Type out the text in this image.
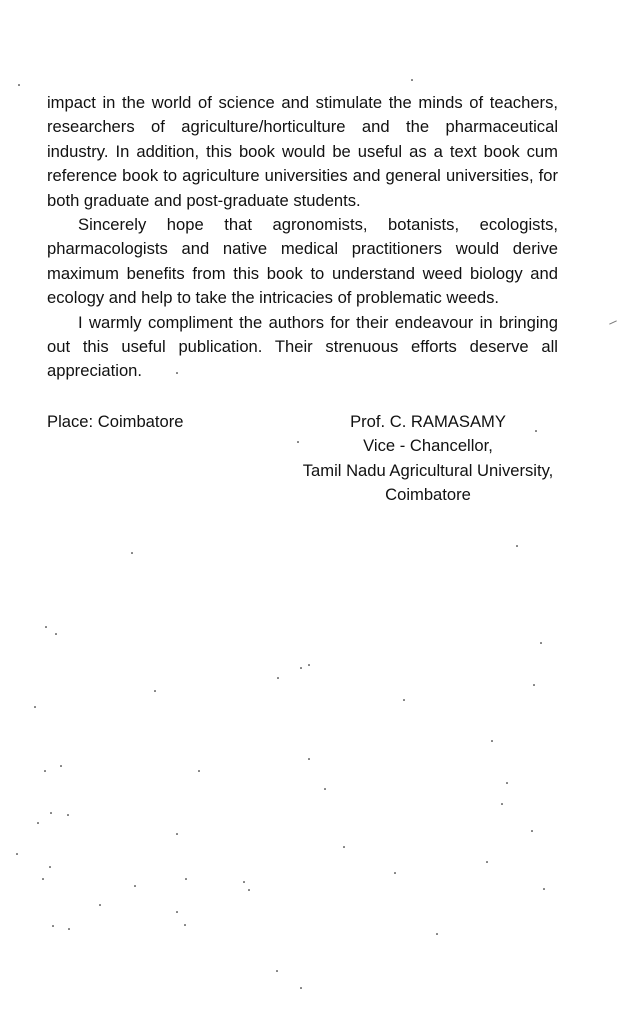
impact in the world of science and stimulate the minds of teachers, researchers of agriculture/horticulture and the pharmaceutical industry. In addition, this book would be useful as a text book cum reference book to agriculture universities and general universities, for both graduate and post-graduate students.

Sincerely hope that agronomists, botanists, ecologists, pharmacologists and native medical practitioners would derive maximum benefits from this book to understand weed biology and ecology and help to take the intricacies of problematic weeds.

I warmly compliment the authors for their endeavour in bringing out this useful publication. Their strenuous efforts deserve all appreciation.

Place: Coimbatore	Prof. C. RAMASAMY
Vice - Chancellor,
Tamil Nadu Agricultural University,
Coimbatore
